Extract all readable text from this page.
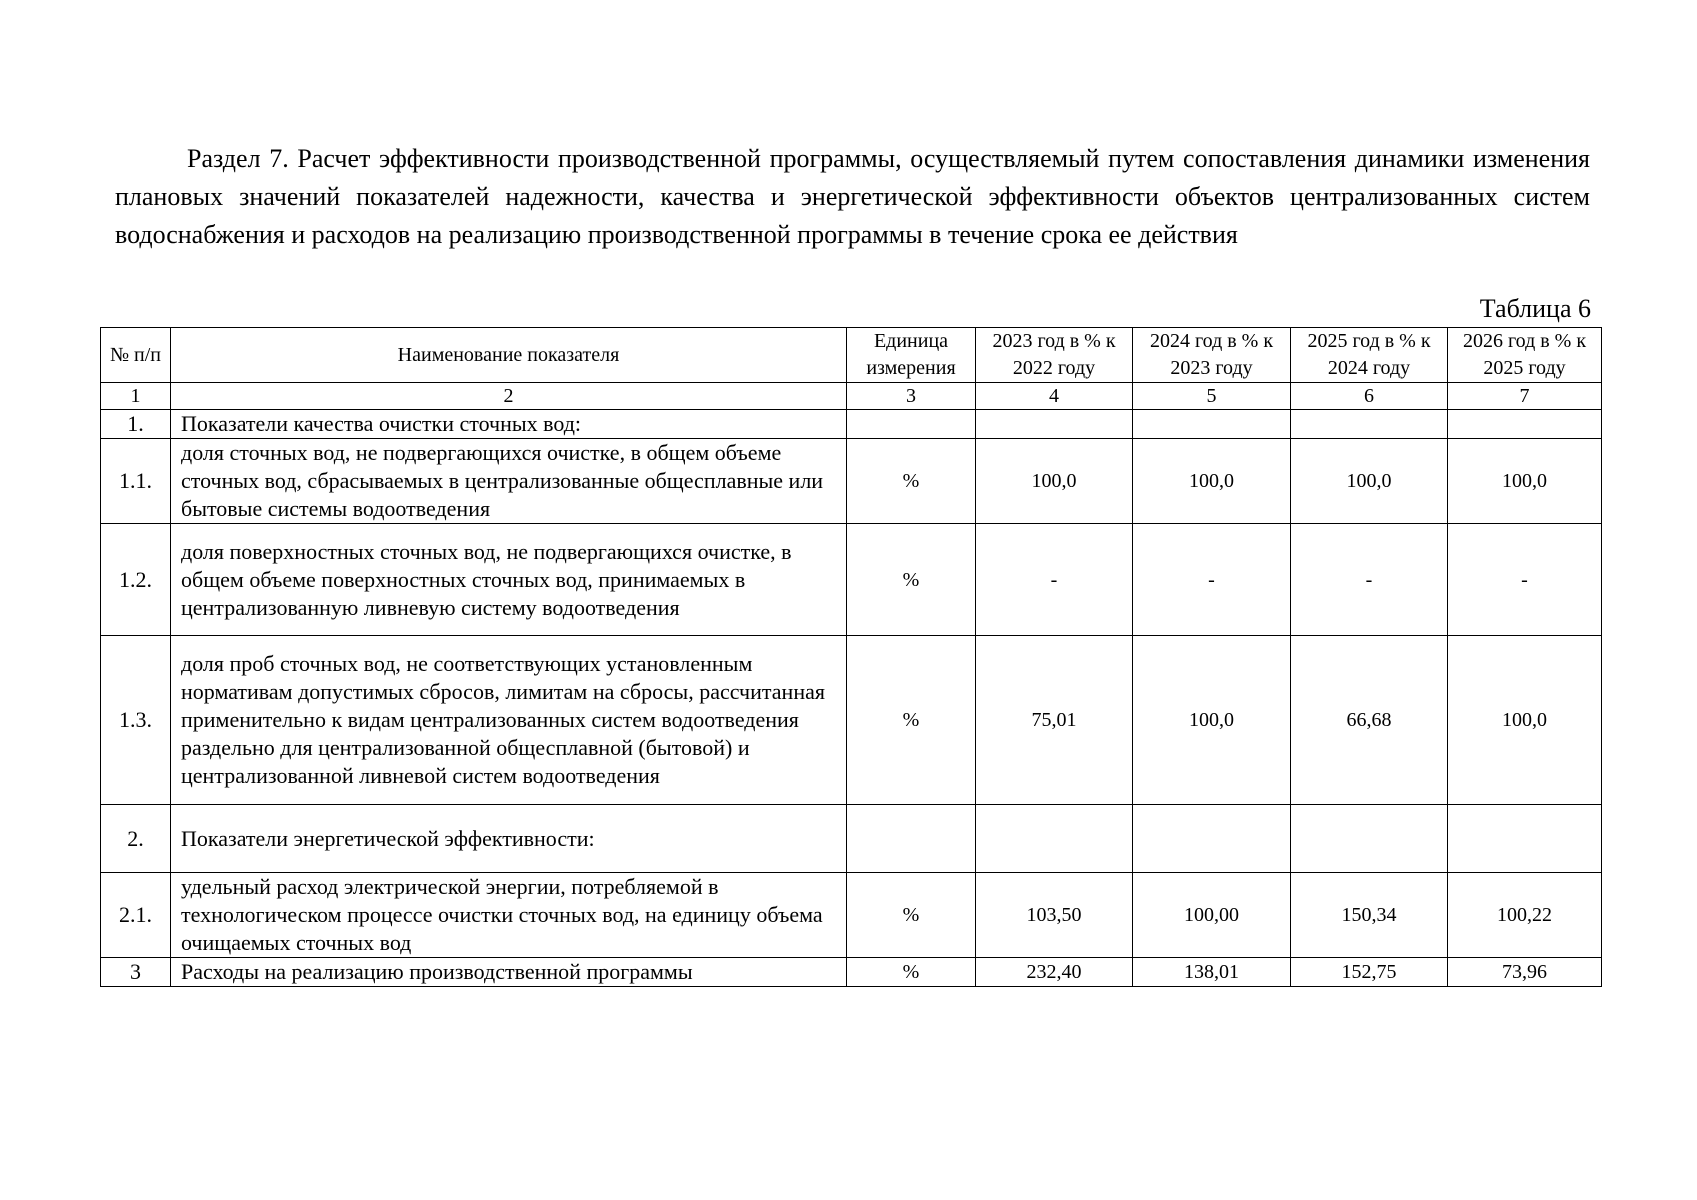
Раздел 7. Расчет эффективности производственной программы, осуществляемый путем сопоставления динамики изменения плановых значений показателей надежности, качества и энергетической эффективности объектов централизованных систем водоснабжения и расходов на реализацию производственной программы в течение срока ее действия
Таблица 6
№ п/п	Наименование показателя	Единица измерения	2023 год в % к 2022 году	2024 год в % к 2023 году	2025 год в % к 2024 году	2026 год в % к 2025 году
1	2	3	4	5	6	7
1.	Показатели качества очистки сточных вод:					
1.1.	доля сточных вод, не подвергающихся очистке, в общем объеме сточных вод, сбрасываемых в централизованные общесплавные или бытовые системы водоотведения	%	100,0	100,0	100,0	100,0
1.2.	доля поверхностных сточных вод, не подвергающихся очистке, в общем объеме поверхностных сточных вод, принимаемых в централизованную ливневую систему водоотведения	%	-	-	-	-
1.3.	доля проб сточных вод, не соответствующих установленным нормативам допустимых сбросов, лимитам на сбросы, рассчитанная применительно к видам централизованных систем водоотведения раздельно для централизованной общесплавной (бытовой) и централизованной ливневой систем водоотведения	%	75,01	100,0	66,68	100,0
2.	Показатели энергетической эффективности:					
2.1.	удельный расход электрической энергии, потребляемой в технологическом процессе очистки сточных вод, на единицу объема очищаемых сточных вод	%	103,50	100,00	150,34	100,22
3	Расходы на реализацию производственной программы	%	232,40	138,01	152,75	73,96
